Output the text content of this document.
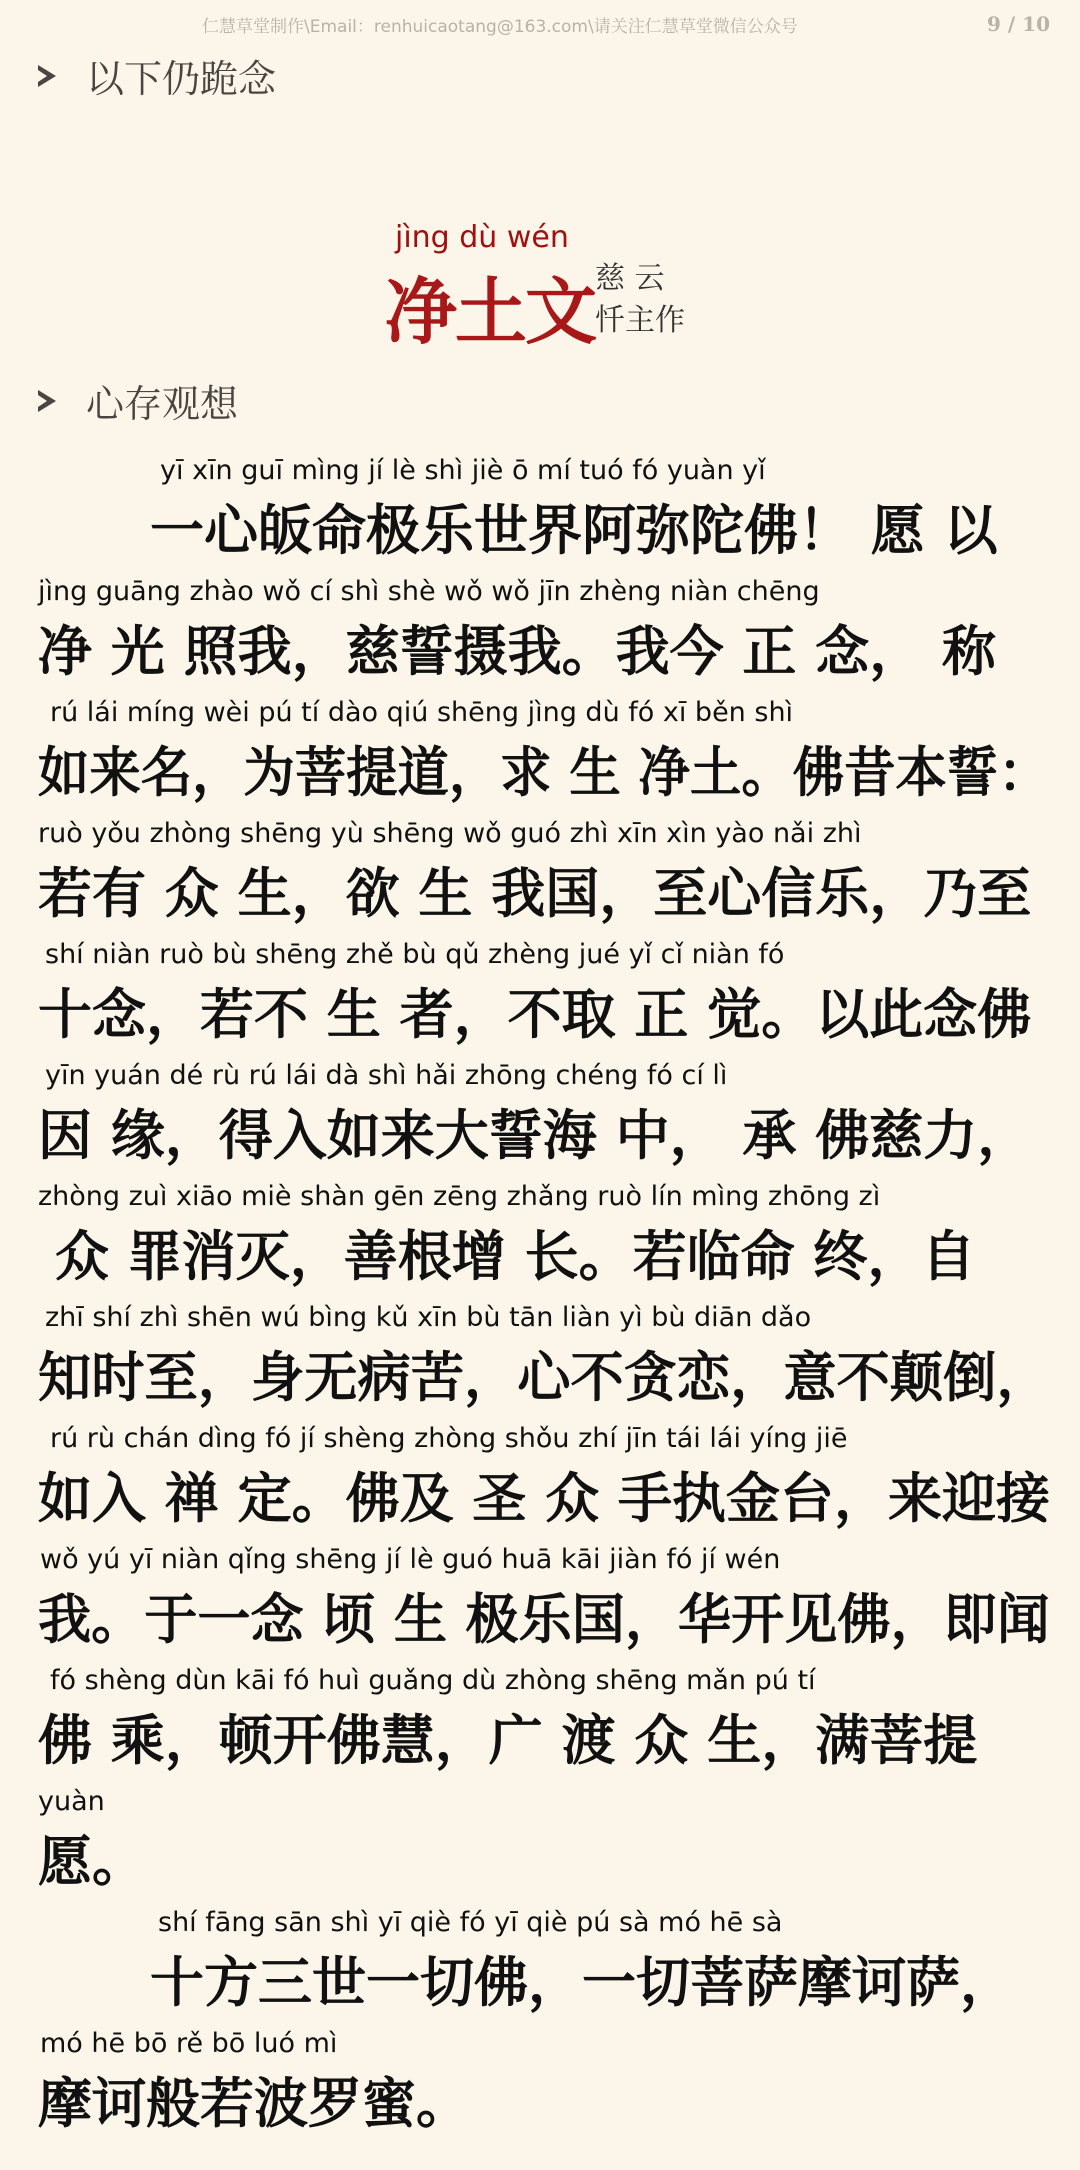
仁慧草堂制作\Email：renhuicaotang@163.com\请关注仁慧草堂微信公众号	9 / 10
以下仍跪念
jìng dù wén
净土文 慈 云
忏主作
心存观想
yī xīn guī mìng jí lè shì jiè ō mí tuó fó yuàn yǐ
一心皈命极乐世界阿弥陀佛！ 愿 以
jìng guāng zhào wǒ cí shì shè wǒ wǒ jīn zhèng niàn chēng
净 光 照我，慈誓摄我。我今 正 念， 称
rú lái míng wèi pú tí dào qiú shēng jìng dù fó xī běn shì
如来名，为菩提道，求 生 净土。佛昔本誓：
ruò yǒu zhòng shēng yù shēng wǒ guó zhì xīn xìn yào nǎi zhì
若有 众 生，欲 生 我国，至心信乐，乃至
shí niàn ruò bù shēng zhě bù qǔ zhèng jué yǐ cǐ niàn fó
十念，若不 生 者，不取 正 觉。以此念佛
yīn yuán dé rù rú lái dà shì hǎi zhōng chéng fó cí lì
因 缘，得入如来大誓海 中， 承 佛慈力，
zhòng zuì xiāo miè shàn gēn zēng zhǎng ruò lín mìng zhōng zì
众 罪消灭，善根增 长。若临命 终，自
zhī shí zhì shēn wú bìng kǔ xīn bù tān liàn yì bù diān dǎo
知时至，身无病苦，心不贪恋，意不颠倒，
rú rù chán dìng fó jí shèng zhòng shǒu zhí jīn tái lái yíng jiē
如入 禅 定。佛及 圣 众 手执金台，来迎接
wǒ yú yī niàn qǐng shēng jí lè guó huā kāi jiàn fó jí wén
我。于一念 顷 生 极乐国，华开见佛，即闻
fó shèng dùn kāi fó huì guǎng dù zhòng shēng mǎn pú tí
佛 乘，顿开佛慧，广 渡 众 生，满菩提
yuàn
愿。
shí fāng sān shì yī qiè fó yī qiè pú sà mó hē sà
十方三世一切佛，一切菩萨摩诃萨，
mó hē bō rě bō luó mì
摩诃般若波罗蜜。
